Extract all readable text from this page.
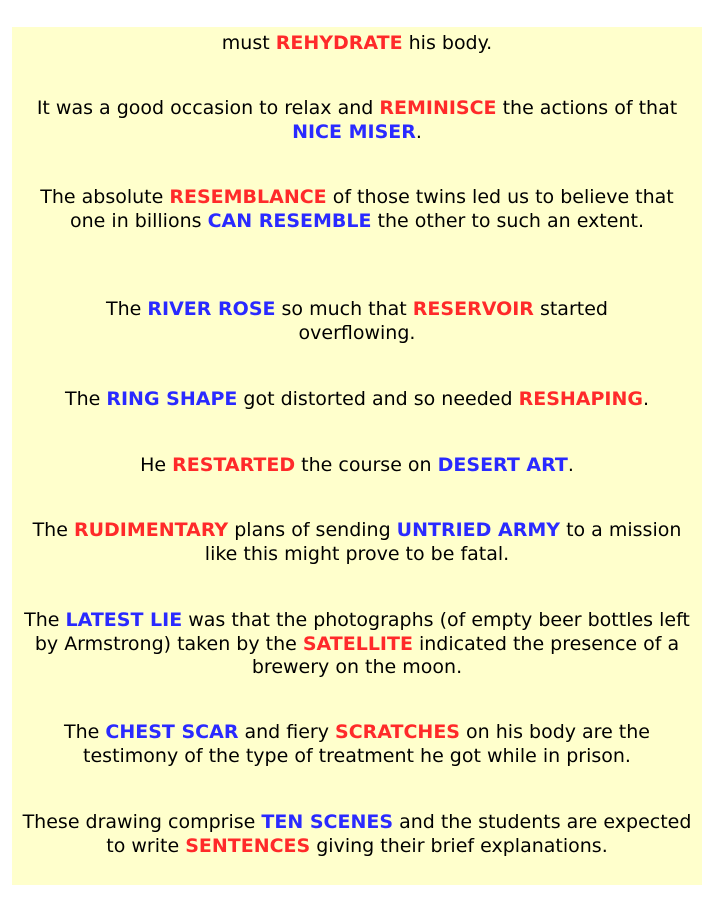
must REHYDRATE his body.

It was a good occasion to relax and REMINISCE the actions of that NICE MISER.

The absolute RESEMBLANCE of those twins led us to believe that one in billions CAN RESEMBLE the other to such an extent.

The RIVER ROSE so much that RESERVOIR started overflowing.

The RING SHAPE got distorted and so needed RESHAPING.

He RESTARTED the course on DESERT ART.

The RUDIMENTARY plans of sending UNTRIED ARMY to a mission like this might prove to be fatal.

The LATEST LIE was that the photographs (of empty beer bottles left by Armstrong) taken by the SATELLITE indicated the presence of a brewery on the moon.

The CHEST SCAR and fiery SCRATCHES on his body are the testimony of the type of treatment he got while in prison.

These drawing comprise TEN SCENES and the students are expected to write SENTENCES giving their brief explanations.
